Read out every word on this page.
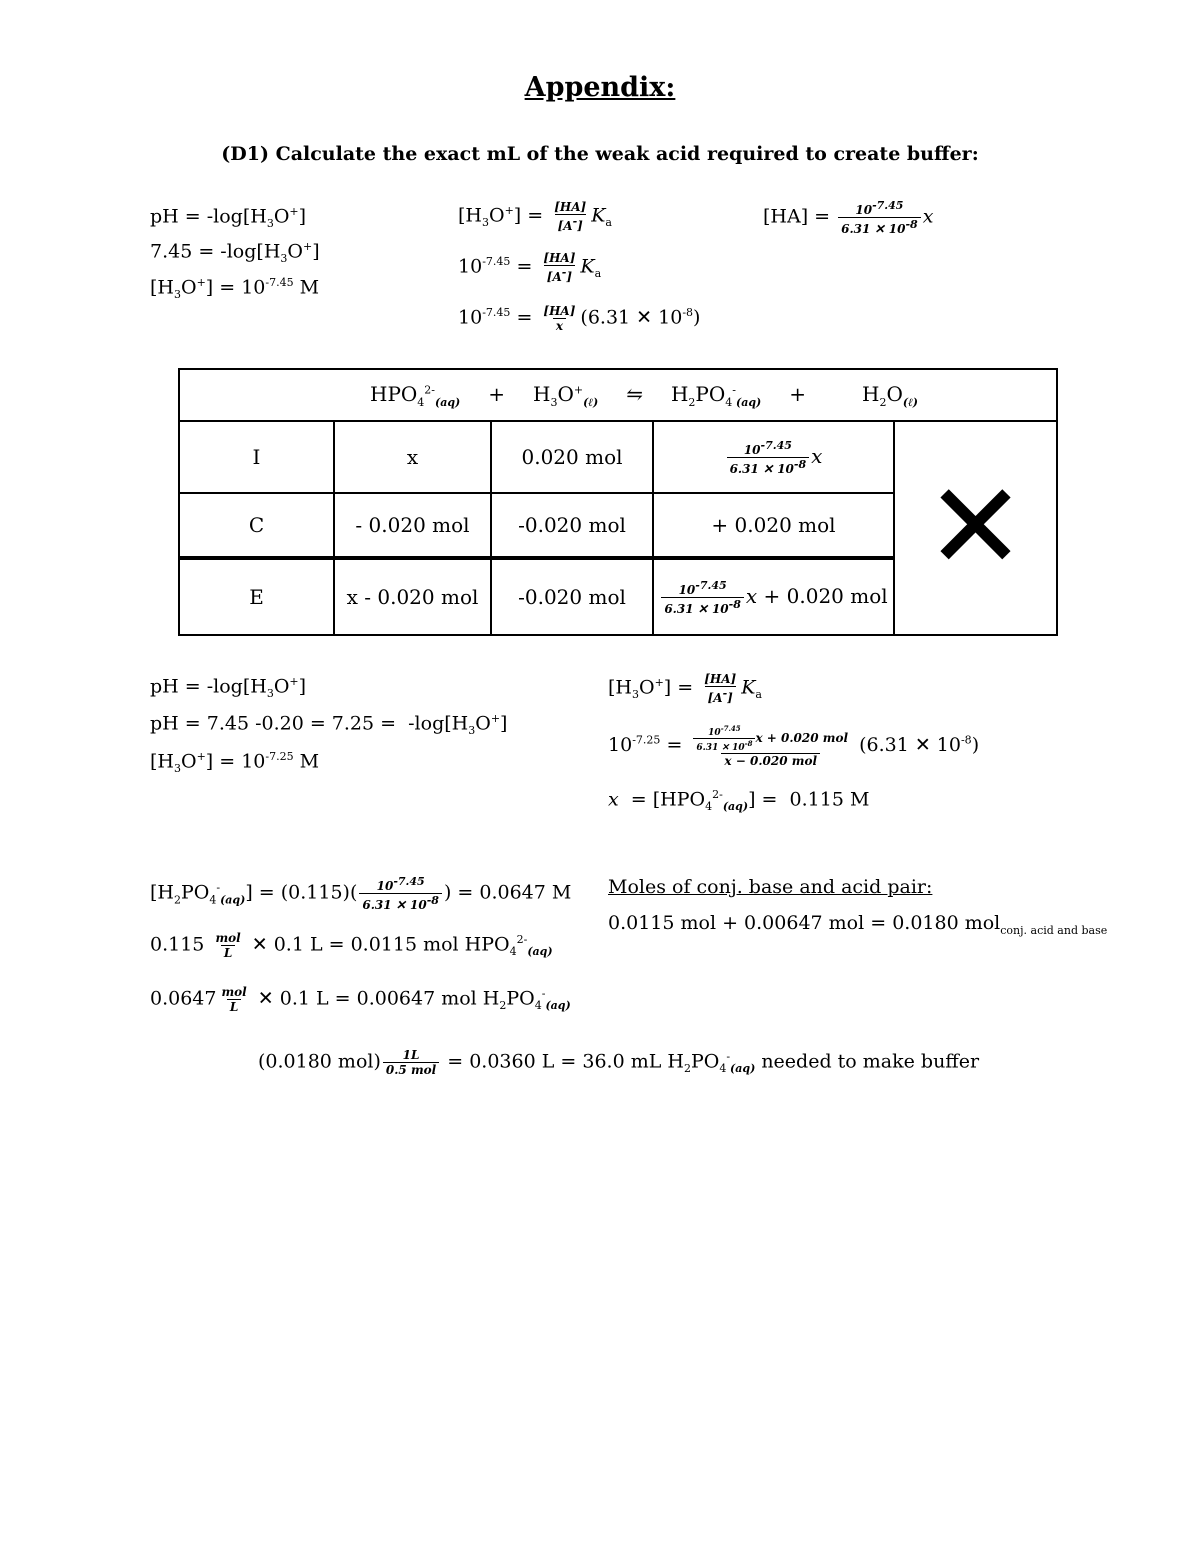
Appendix:
(D1) Calculate the exact mL of the weak acid required to create buffer:
pH = $-\log[H_3O^+]$
$7.45 = -\log[H_3O^+]$
$[H_3O^+] = 10^{-7.45}$ M
$[H_3O^+] = \frac{[HA]}{[A^-]} K_a$
$10^{-7.45} = \frac{[HA]}{[A^-]} K_a$
$10^{-7.45} = \frac{[HA]}{x} (6.31$ ✕ $10^{-8}$)
$[HA] = \frac{10^{-7.45}}{6.31 ✕ 10^{-8}}$ x
$HPO_4^{2-}_{(aq)} + H_3O^+_{(\ell)}$ ⇋ $H_2PO_4^-_{(aq)} + H_2O_{(\ell)}$
I	x	0.020 mol	$\frac{10^{-7.45}}{6.31 ✕ 10^{-8}}$ x	✕
C	- 0.020 mol	-0.020 mol	+ 0.020 mol	
E	x - 0.020 mol	-0.020 mol	$\frac{10^{-7.45}}{6.31 ✕ 10^{-8}}$ x + 0.020 mol	
pH = $-\log[H_3O^+]$
pH = 7.45 $-0.20 = 7.25 = -\log[H_3O^+]$
$[H_3O^+] = 10^{-7.25}$ M
$[H_3O^+] = \frac{[HA]}{[A^-]} K_a$
$10^{-7.25} = \frac{\frac{10^{-7.45}}{6.31 ✕ 10^{-8}} x + 0.020 mol}{\text{x − 0.020 mol}} (6.31$ ✕ $10^{-8}$)
$x = [HPO_4^{2-}_{(aq)}] = 0.115$ M
$[H_2PO_4^-_{(aq)}] = (0.115)( \frac{10^{-7.45}}{6.31 ✕ 10^{-8}}$ ) = 0.0647 M
$0.115 \frac{\text{mol}}{L}$ ✕ 0.1 L = 0.0115 mol $HPO_4^{2-}_{(aq)}$
$0.0647 \frac{\text{mol}}{L}$ ✕ 0.1 L = 0.00647 mol $H_2PO_4^-_{(aq)}$
Moles of conj. base and acid pair:
0.0115 mol + 0.00647 mol = 0.0180 mol$_{conj. acid and base}$
(0.0180 $mol) \frac{1L}{\text{0.5 mol}} = 0.0360$ L = 36.0 mL $H_2PO_4^-_{(aq)}$ needed to make buffer
